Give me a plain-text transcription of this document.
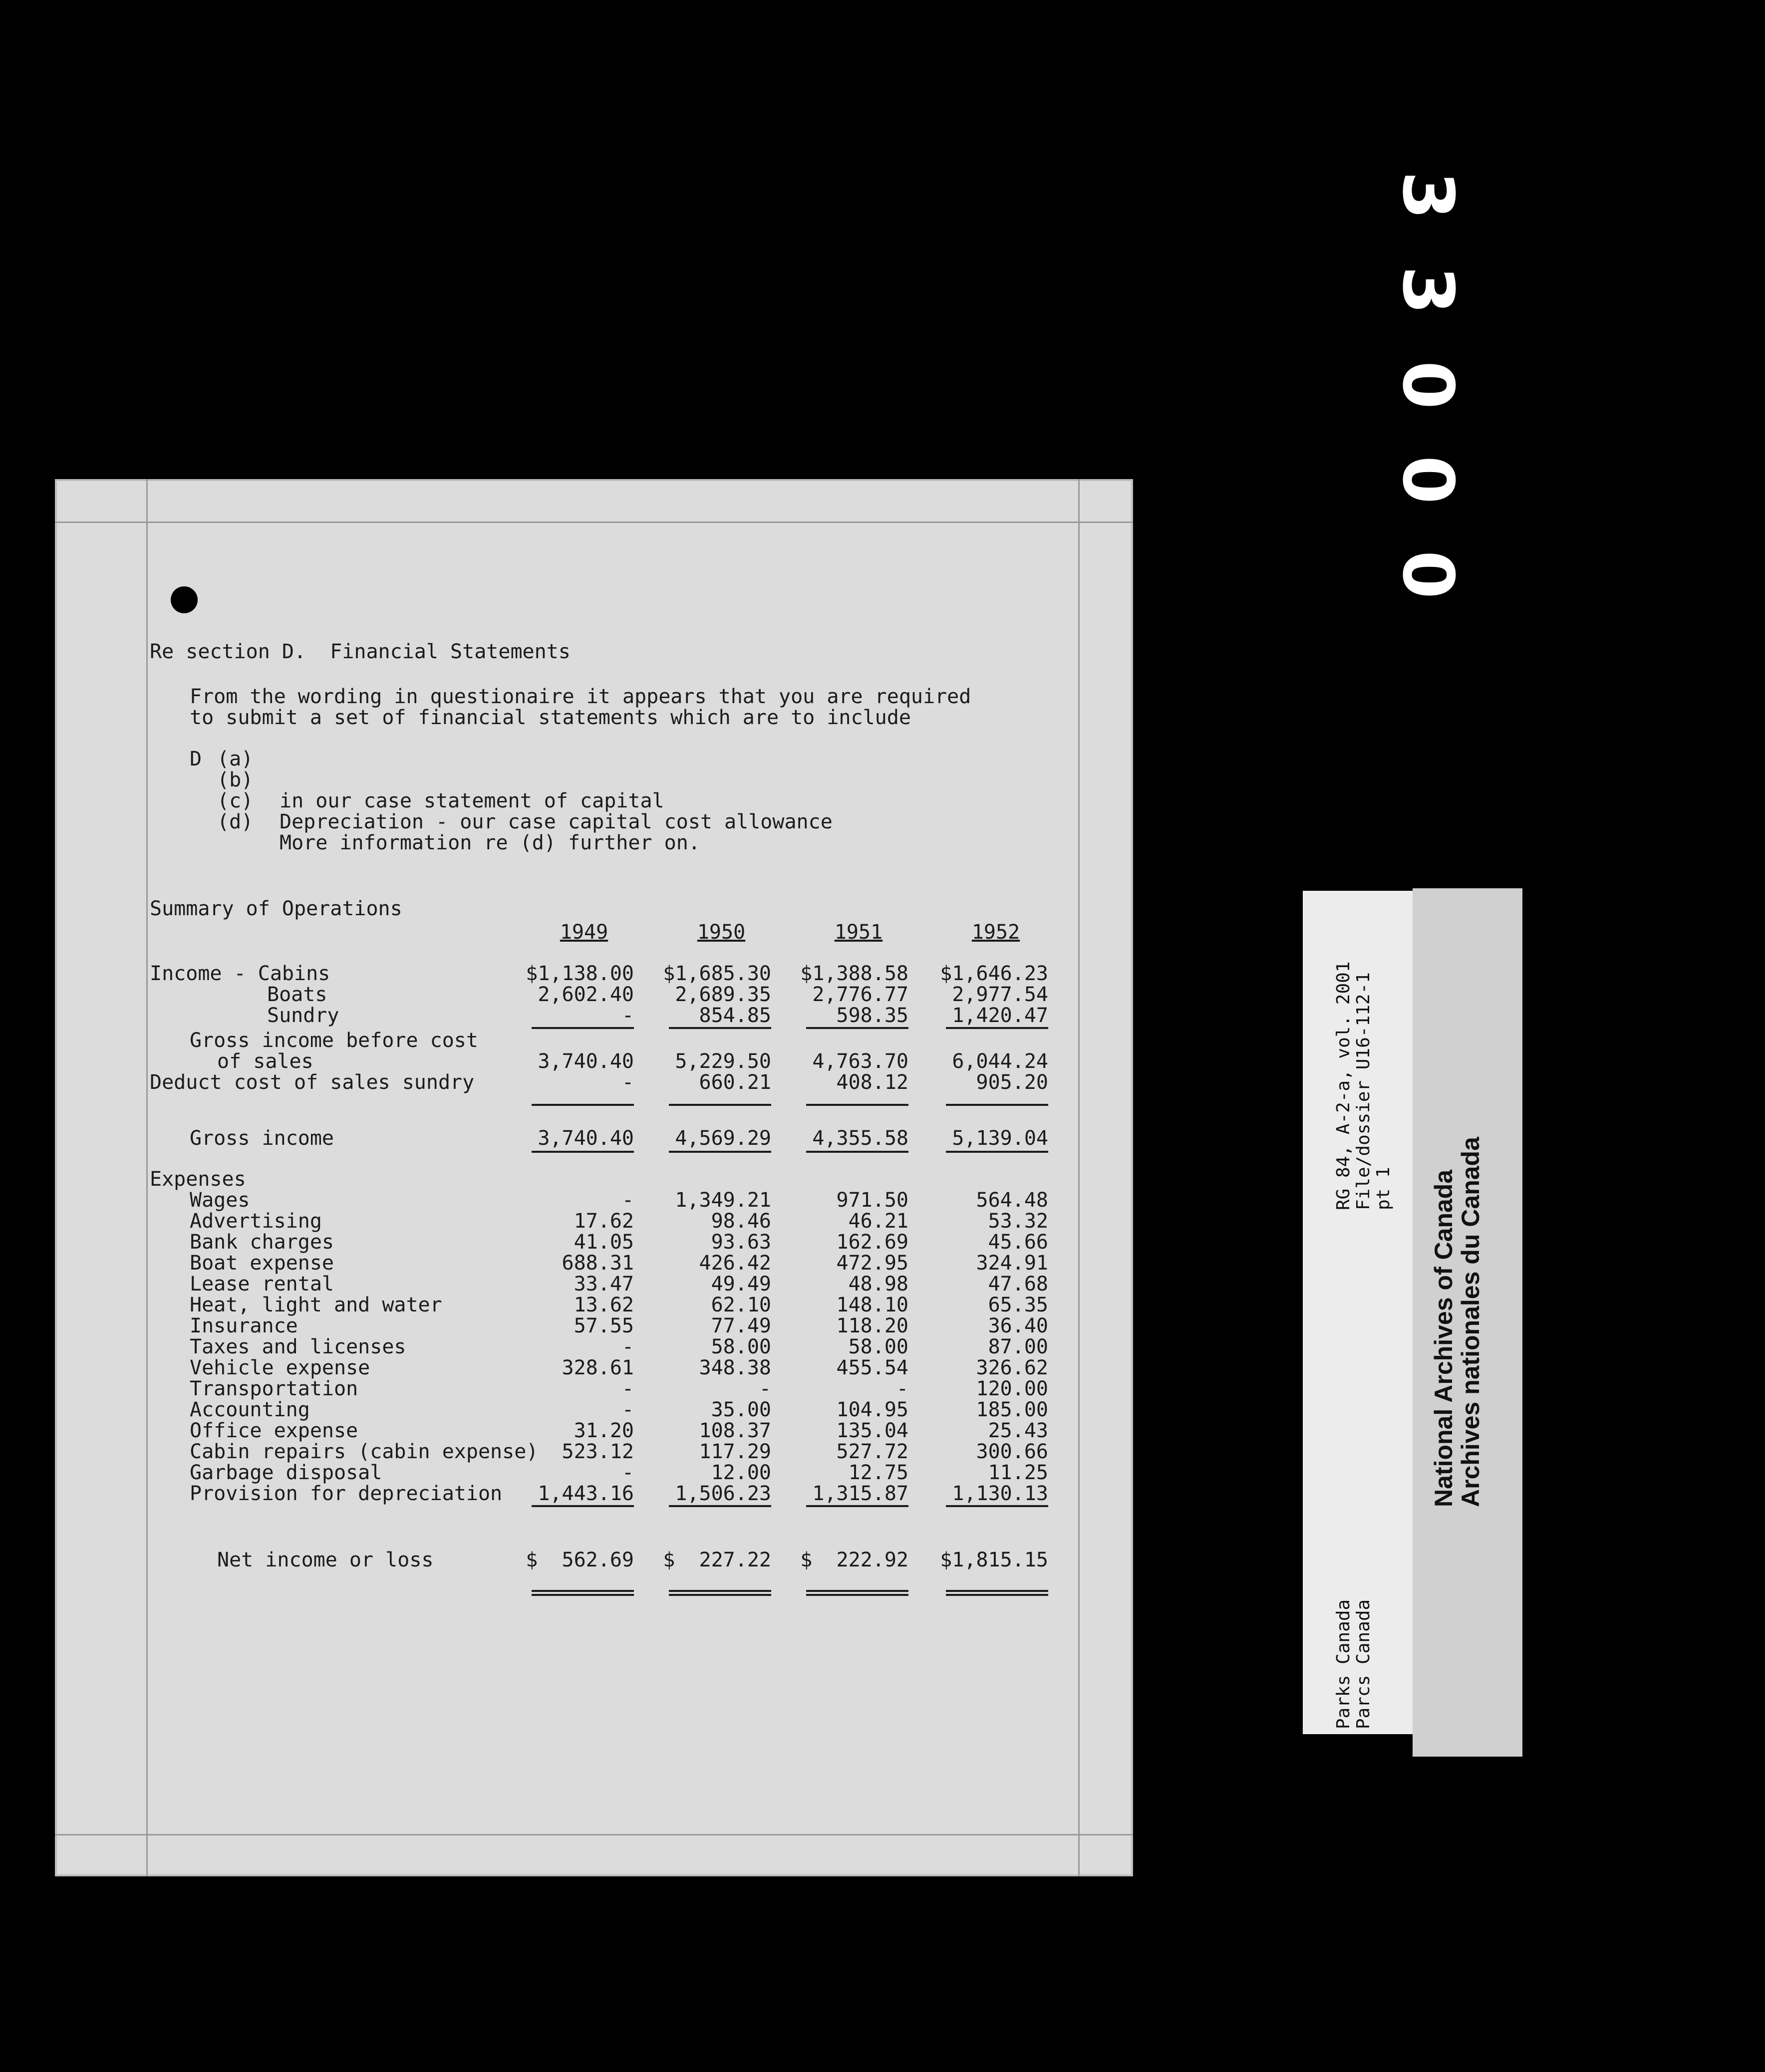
3
3
0
0
0
RG 84, A-2-a, vol. 2001 File/dossier U16-112-1 pt 1
Parks Canada Parcs Canada
National Archives of Canada
Archives nationales du Canada
Re section D.  Financial Statements
From the wording in questionaire it appears that you are required
to submit a set of financial statements which are to include
D (a)
(b)
(c) in our case statement of capital
(d) Depreciation - our case capital cost allowance
More information re (d) further on.
Summary of Operations
1949	1950	1951	1952
Income - Cabins	$1,138.00	$1,685.30	$1,388.58	$1,646.23
Boats	2,602.40	2,689.35	2,776.77	2,977.54
Sundry	-	854.85	598.35	1,420.47
Gross income before cost
of sales	3,740.40	5,229.50	4,763.70	6,044.24
Deduct cost of sales sundry	-	660.21	408.12	905.20
Gross income	3,740.40	4,569.29	4,355.58	5,139.04
Expenses
Wages	-	1,349.21	971.50	564.48
Advertising	17.62	98.46	46.21	53.32
Bank charges	41.05	93.63	162.69	45.66
Boat expense	688.31	426.42	472.95	324.91
Lease rental	33.47	49.49	48.98	47.68
Heat, light and water	13.62	62.10	148.10	65.35
Insurance	57.55	77.49	118.20	36.40
Taxes and licenses	-	58.00	58.00	87.00
Vehicle expense	328.61	348.38	455.54	326.62
Transportation	-	-	-	120.00
Accounting	-	35.00	104.95	185.00
Office expense	31.20	108.37	135.04	25.43
Cabin repairs (cabin expense)	523.12	117.29	527.72	300.66
Garbage disposal	-	12.00	12.75	11.25
Provision for depreciation	1,443.16	1,506.23	1,315.87	1,130.13
Net income or loss	$  562.69	$  227.22	$  222.92	$1,815.15
